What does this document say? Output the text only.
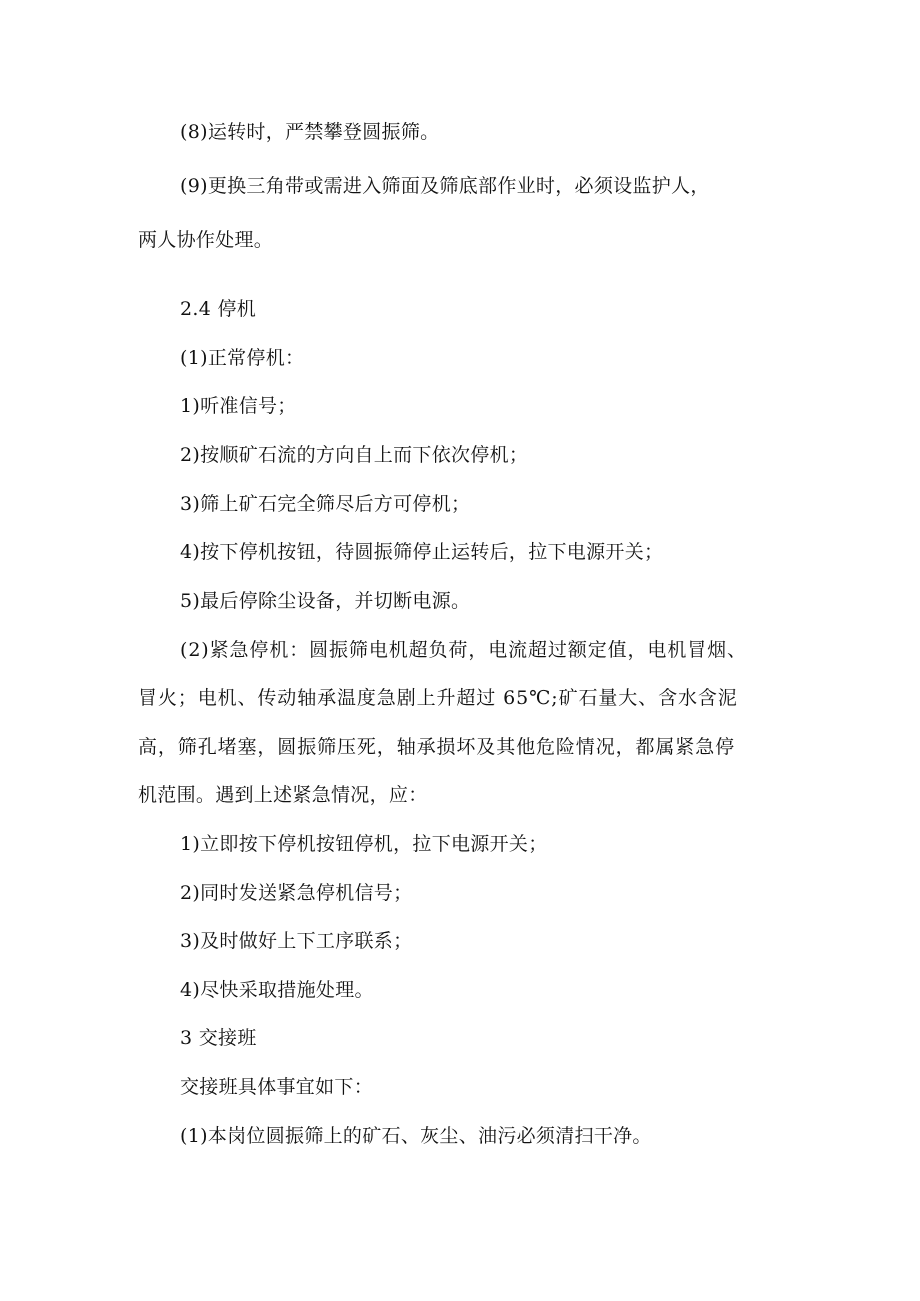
(8)运转时，严禁攀登圆振筛。
(9)更换三角带或需进入筛面及筛底部作业时，必须设监护人，
两人协作处理。
2.4 停机
(1)正常停机：
1)听准信号；
2)按顺矿石流的方向自上而下依次停机；
3)筛上矿石完全筛尽后方可停机；
4)按下停机按钮，待圆振筛停止运转后，拉下电源开关；
5)最后停除尘设备，并切断电源。
(2)紧急停机：圆振筛电机超负荷，电流超过额定值，电机冒烟、
冒火；电机、传动轴承温度急剧上升超过 65℃;矿石量大、含水含泥
高，筛孔堵塞，圆振筛压死，轴承损坏及其他危险情况，都属紧急停
机范围。遇到上述紧急情况，应：
1)立即按下停机按钮停机，拉下电源开关；
2)同时发送紧急停机信号；
3)及时做好上下工序联系；
4)尽快采取措施处理。
3 交接班
交接班具体事宜如下：
(1)本岗位圆振筛上的矿石、灰尘、油污必须清扫干净。
